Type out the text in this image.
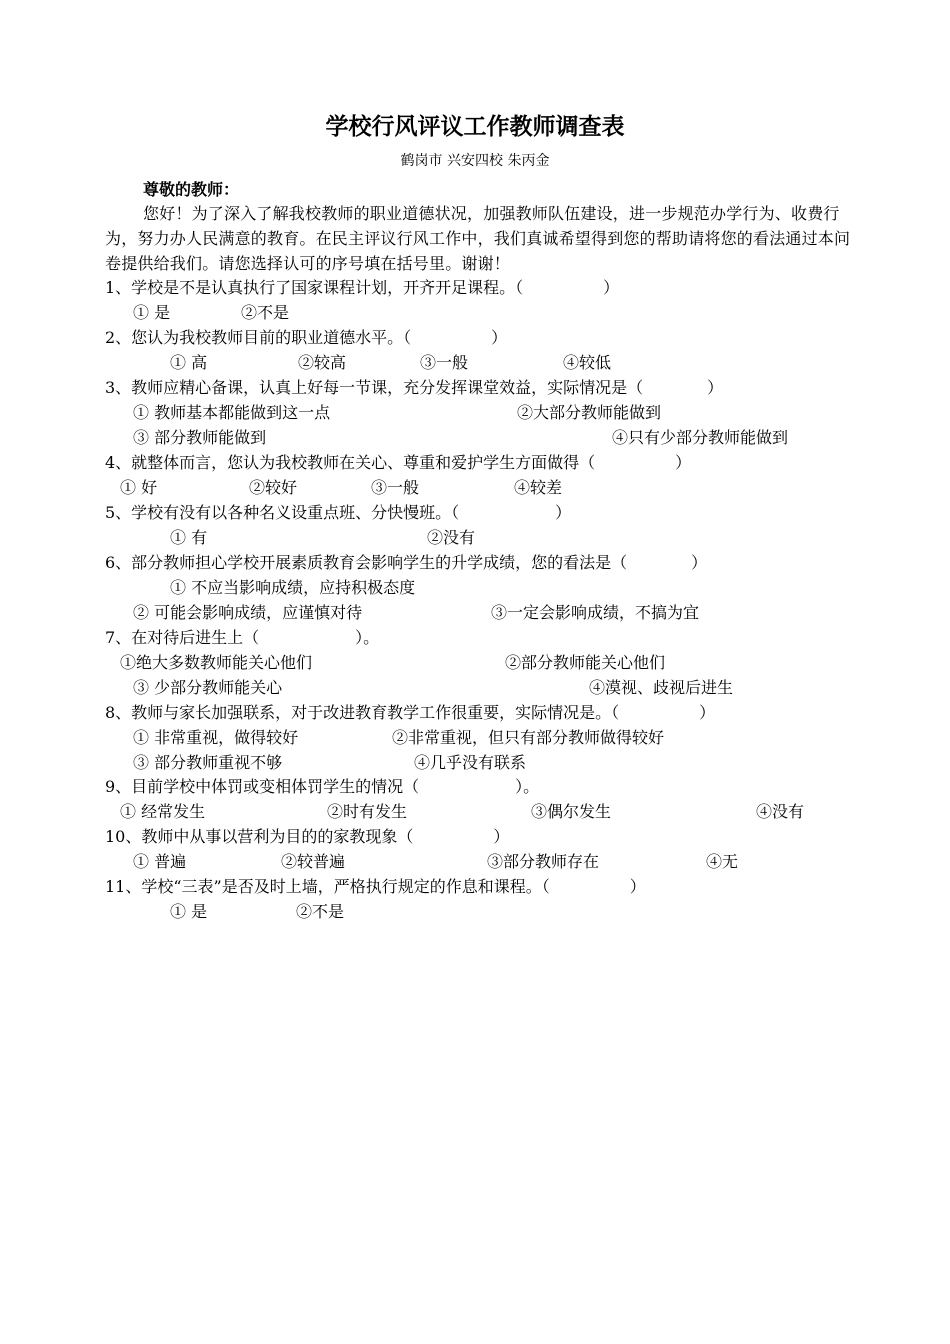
学校行风评议工作教师调查表
鹤岗市 兴安四校 朱丙金
尊敬的教师：
您好！为了深入了解我校教师的职业道德状况，加强教师队伍建设，进一步规范办学行为、收费行为，努力办人民满意的教育。在民主评议行风工作中，我们真诚希望得到您的帮助请将您的看法通过本问卷提供给我们。请您选择认可的序号填在括号里。谢谢！
1、学校是不是认真执行了国家课程计划，开齐开足课程。（　　　　　）
① 是	②不是
2、您认为我校教师目前的职业道德水平。（　　　　　）
① 高	②较高	③一般	④较低
3、教师应精心备课，认真上好每一节课，充分发挥课堂效益，实际情况是（　　　　）
① 教师基本都能做到这一点	②大部分教师能做到
③ 部分教师能做到	④只有少部分教师能做到
4、就整体而言，您认为我校教师在关心、尊重和爱护学生方面做得（　　　　　）
① 好	②较好	③一般	④较差
5、学校有没有以各种名义设重点班、分快慢班。（　　　　　　）
① 有	②没有
6、部分教师担心学校开展素质教育会影响学生的升学成绩，您的看法是（　　　　）
① 不应当影响成绩，应持积极态度
② 可能会影响成绩，应谨慎对待	③一定会影响成绩，不搞为宜
7、在对待后进生上（　　　　　　）。
①绝大多数教师能关心他们	②部分教师能关心他们
③ 少部分教师能关心	④漠视、歧视后进生
8、教师与家长加强联系，对于改进教育教学工作很重要，实际情况是。（　　　　　）
① 非常重视，做得较好	②非常重视，但只有部分教师做得较好
③ 部分教师重视不够	④几乎没有联系
9、目前学校中体罚或变相体罚学生的情况（　　　　　　）。
① 经常发生	②时有发生	③偶尔发生	④没有
10、教师中从事以营利为目的的家教现象（　　　　　）
① 普遍	②较普遍	③部分教师存在	④无
11、学校“三表”是否及时上墙，严格执行规定的作息和课程。（　　　　　）
① 是	②不是
